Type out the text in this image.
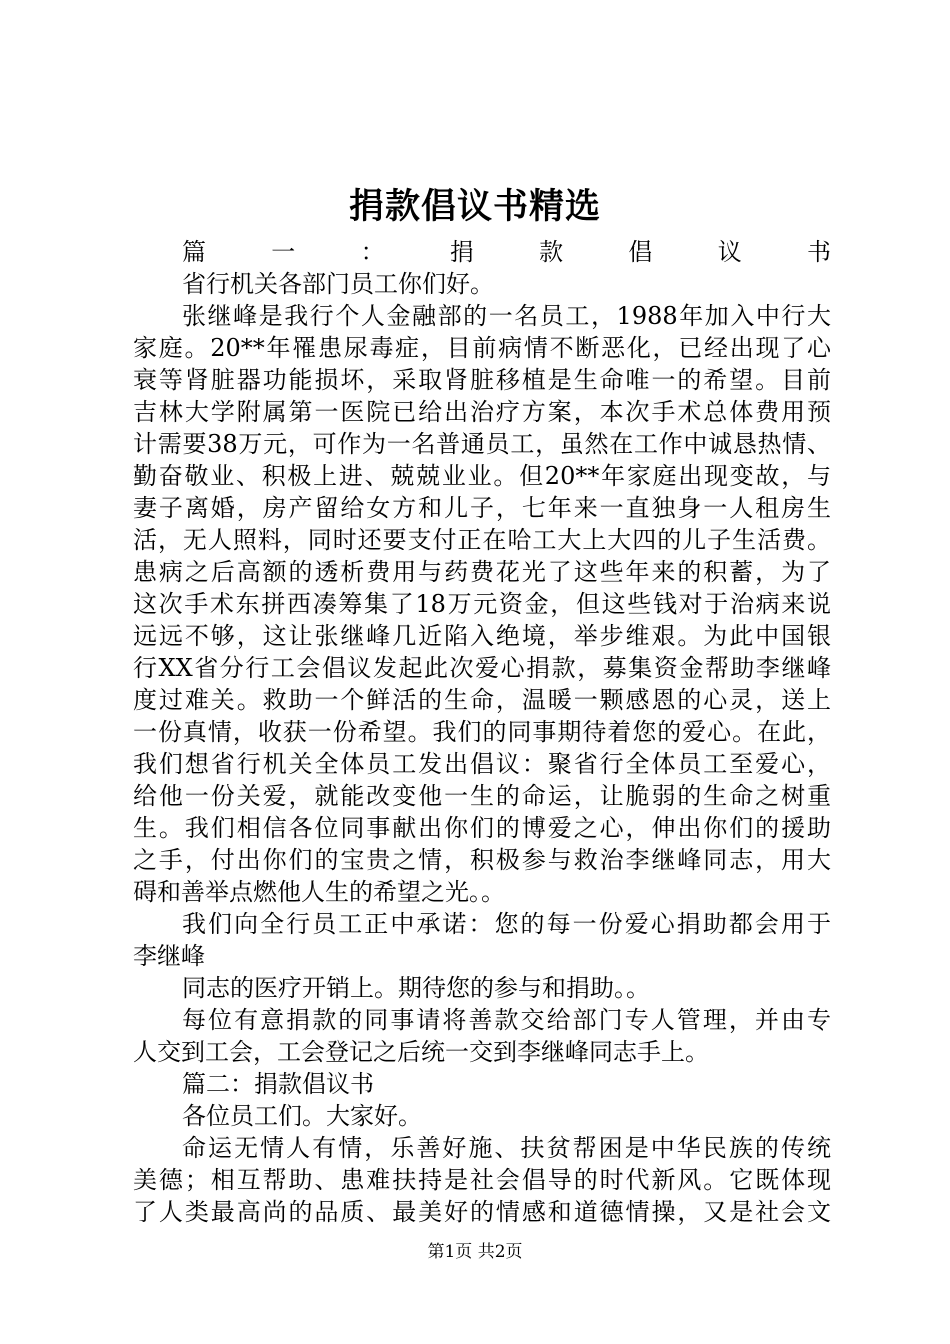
捐款倡议书精选
篇一：捐款倡议书
省行机关各部门员工你们好。
张继峰是我行个人金融部的一名员工，1988年加入中行大
家庭。20**年罹患尿毒症，目前病情不断恶化，已经出现了心
衰等肾脏器功能损坏，采取肾脏移植是生命唯一的希望。目前
吉林大学附属第一医院已给出治疗方案，本次手术总体费用预
计需要38万元，可作为一名普通员工，虽然在工作中诚恳热情、
勤奋敬业、积极上进、兢兢业业。但20**年家庭出现变故，与
妻子离婚，房产留给女方和儿子，七年来一直独身一人租房生
活，无人照料，同时还要支付正在哈工大上大四的儿子生活费。
患病之后高额的透析费用与药费花光了这些年来的积蓄，为了
这次手术东拼西凑筹集了18万元资金，但这些钱对于治病来说
远远不够，这让张继峰几近陷入绝境，举步维艰。为此中国银
行XX省分行工会倡议发起此次爱心捐款，募集资金帮助李继峰
度过难关。救助一个鲜活的生命，温暖一颗感恩的心灵，送上
一份真情，收获一份希望。我们的同事期待着您的爱心。在此，
我们想省行机关全体员工发出倡议：聚省行全体员工至爱心，
给他一份关爱，就能改变他一生的命运，让脆弱的生命之树重
生。我们相信各位同事献出你们的博爱之心，伸出你们的援助
之手，付出你们的宝贵之情，积极参与救治李继峰同志，用大
碍和善举点燃他人生的希望之光。。
我们向全行员工正中承诺：您的每一份爱心捐助都会用于
李继峰
同志的医疗开销上。期待您的参与和捐助。。
每位有意捐款的同事请将善款交给部门专人管理，并由专
人交到工会，工会登记之后统一交到李继峰同志手上。
篇二：捐款倡议书
各位员工们。大家好。
命运无情人有情，乐善好施、扶贫帮困是中华民族的传统
美德；相互帮助、患难扶持是社会倡导的时代新风。它既体现
了人类最高尚的品质、最美好的情感和道德情操，又是社会文
第1页 共2页
